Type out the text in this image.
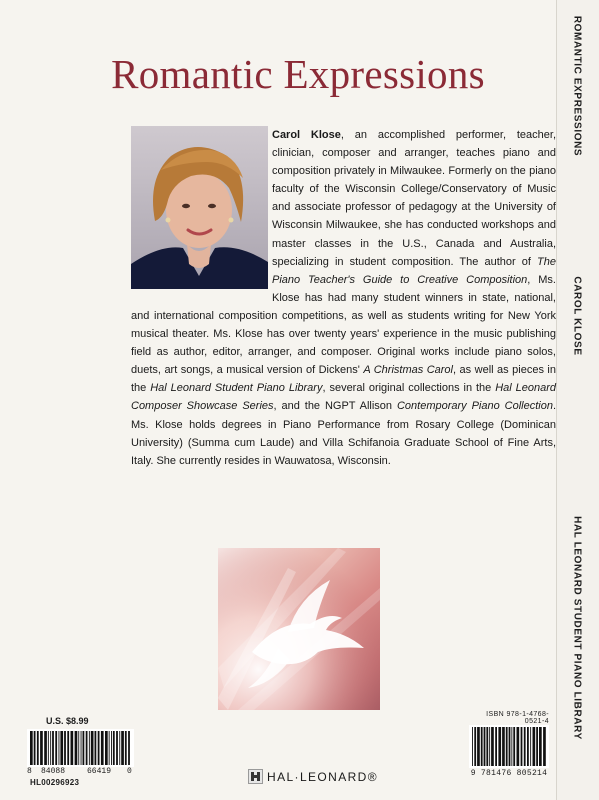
ROMANTIC EXPRESSIONS
CAROL KLOSE
HAL LEONARD STUDENT PIANO LIBRARY
Romantic Expressions
Carol Klose, an accomplished performer, teacher, clinician, composer and arranger, teaches piano and composition privately in Milwaukee. Formerly on the piano faculty of the Wisconsin College/Conservatory of Music and associate professor of pedagogy at the University of Wisconsin Milwaukee, she has conducted workshops and master classes in the U.S., Canada and Australia, specializing in student composition. The author of The Piano Teacher's Guide to Creative Composition, Ms. Klose has had many student winners in state, national, and international composition competitions, as well as students writing for New York musical theater. Ms. Klose has over twenty years' experience in the music publishing field as author, editor, arranger, and composer. Original works include piano solos, duets, art songs, a musical version of Dickens' A Christmas Carol, as well as pieces in the Hal Leonard Student Piano Library, several original collections in the Hal Leonard Composer Showcase Series, and the NGPT Allison Contemporary Piano Collection. Ms. Klose holds degrees in Piano Performance from Rosary College (Dominican University) (Summa cum Laude) and Villa Schifanoia Graduate School of Fine Arts, Italy. She currently resides in Wauwatosa, Wisconsin.
U.S. $8.99
8 84088	66419 0
HL00296923	HAL·LEONARD®
ISBN 978-1-4768-0521-4
9 781476 805214
